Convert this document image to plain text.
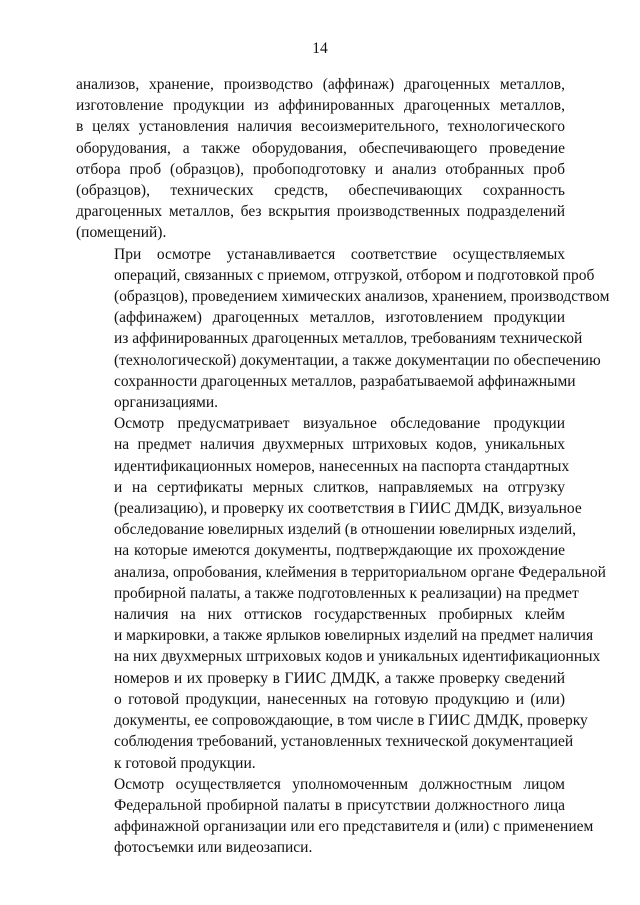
14

анализов, хранение, производство (аффинаж) драгоценных металлов,
изготовление продукции из аффинированных драгоценных металлов,
в целях установления наличия весоизмерительного, технологического
оборудования, а также оборудования, обеспечивающего проведение
отбора проб (образцов), пробоподготовку и анализ отобранных проб
(образцов), технических средств, обеспечивающих сохранность
драгоценных металлов, без вскрытия производственных подразделений
(помещений).

При осмотре устанавливается соответствие осуществляемых
операций, связанных с приемом, отгрузкой, отбором и подготовкой проб
(образцов), проведением химических анализов, хранением, производством
(аффинажем) драгоценных металлов, изготовлением продукции
из аффинированных драгоценных металлов, требованиям технической
(технологической) документации, а также документации по обеспечению
сохранности драгоценных металлов, разрабатываемой аффинажными
организациями.

Осмотр предусматривает визуальное обследование продукции
на предмет наличия двухмерных штриховых кодов, уникальных
идентификационных номеров, нанесенных на паспорта стандартных
и на сертификаты мерных слитков, направляемых на отгрузку
(реализацию), и проверку их соответствия в ГИИС ДМДК, визуальное
обследование ювелирных изделий (в отношении ювелирных изделий,
на которые имеются документы, подтверждающие их прохождение
анализа, опробования, клеймения в территориальном органе Федеральной
пробирной палаты, а также подготовленных к реализации) на предмет
наличия на них оттисков государственных пробирных клейм
и маркировки, а также ярлыков ювелирных изделий на предмет наличия
на них двухмерных штриховых кодов и уникальных идентификационных
номеров и их проверку в ГИИС ДМДК, а также проверку сведений
о готовой продукции, нанесенных на готовую продукцию и (или)
документы, ее сопровождающие, в том числе в ГИИС ДМДК, проверку
соблюдения требований, установленных технической документацией
к готовой продукции.

Осмотр осуществляется уполномоченным должностным лицом
Федеральной пробирной палаты в присутствии должностного лица
аффинажной организации или его представителя и (или) с применением
фотосъемки или видеозаписи.
